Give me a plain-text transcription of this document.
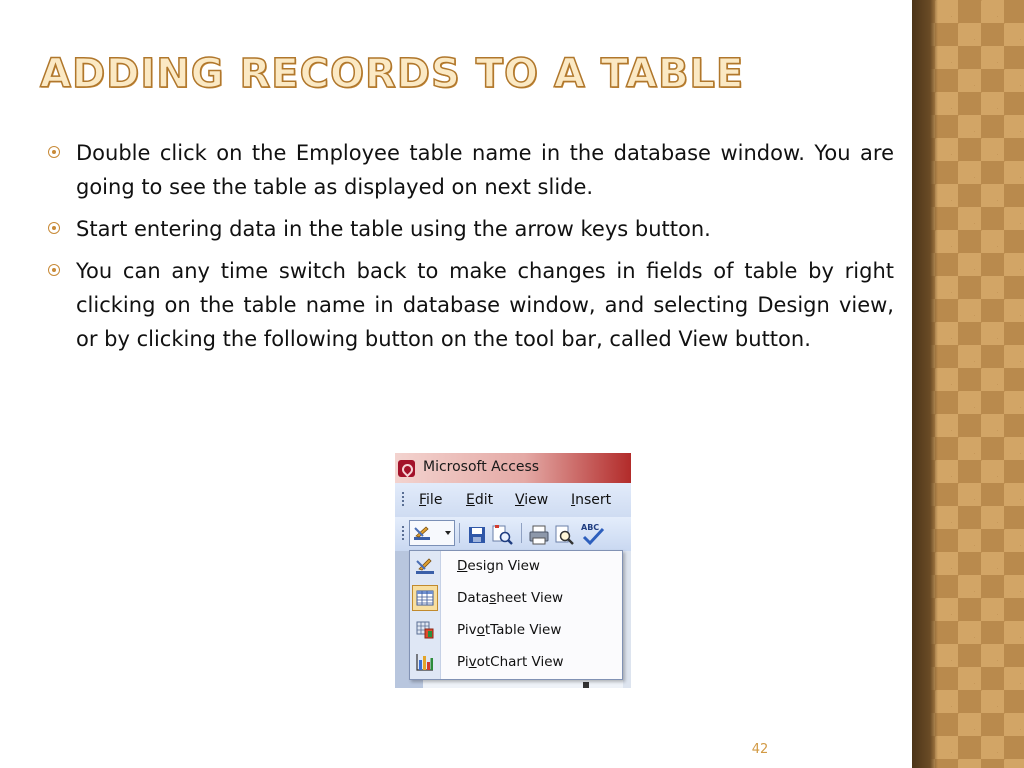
ADDING RECORDS TO A TABLE
Double click on the Employee table name in the database window. You are going to see the table as displayed on next slide.
Start entering data in the table using the arrow keys button.
You can any time switch back to make changes in fields of table by right clicking on the table name in database window, and selecting Design view, or by clicking the following button on the tool bar, called View button.
Microsoft Access
File Edit View Insert
ABC
Design View
Datasheet View
PivotTable View
PivotChart View
42
